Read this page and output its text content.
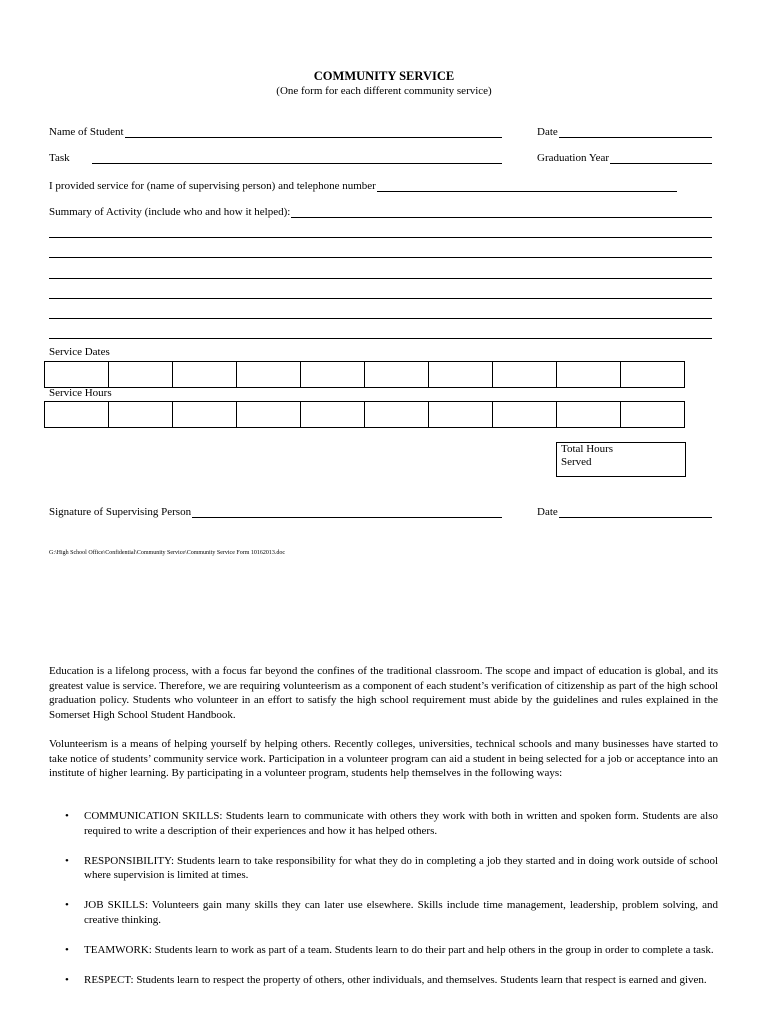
COMMUNITY SERVICE
(One form for each different community service)
Name of Student	Date
Task	Graduation Year
I provided service for (name of supervising person) and telephone number
Summary of Activity (include who and how it helped):
Service Dates

Service Hours

Total Hours
Served
Signature of Supervising Person	Date
G:\High School Office\Confidential\Community Service\Community Service Form 10162013.doc
Education is a lifelong process, with a focus far beyond the confines of the traditional classroom. The scope and impact of education is global, and its greatest value is service. Therefore, we are requiring volunteerism as a component of each student’s verification of citizenship as part of the high school graduation policy. Students who volunteer in an effort to satisfy the high school requirement must abide by the guidelines and rules explained in the Somerset High School Student Handbook.
Volunteerism is a means of helping yourself by helping others. Recently colleges, universities, technical schools and many businesses have started to take notice of students’ community service work. Participation in a volunteer program can aid a student in being selected for a job or acceptance into an institute of higher learning. By participating in a volunteer program, students help themselves in the following ways:
• COMMUNICATION SKILLS: Students learn to communicate with others they work with both in written and spoken form. Students are also required to write a description of their experiences and how it has helped others.
• RESPONSIBILITY: Students learn to take responsibility for what they do in completing a job they started and in doing work outside of school where supervision is limited at times.
• JOB SKILLS: Volunteers gain many skills they can later use elsewhere. Skills include time management, leadership, problem solving, and creative thinking.
• TEAMWORK: Students learn to work as part of a team. Students learn to do their part and help others in the group in order to complete a task.
• RESPECT: Students learn to respect the property of others, other individuals, and themselves. Students learn that respect is earned and given.
